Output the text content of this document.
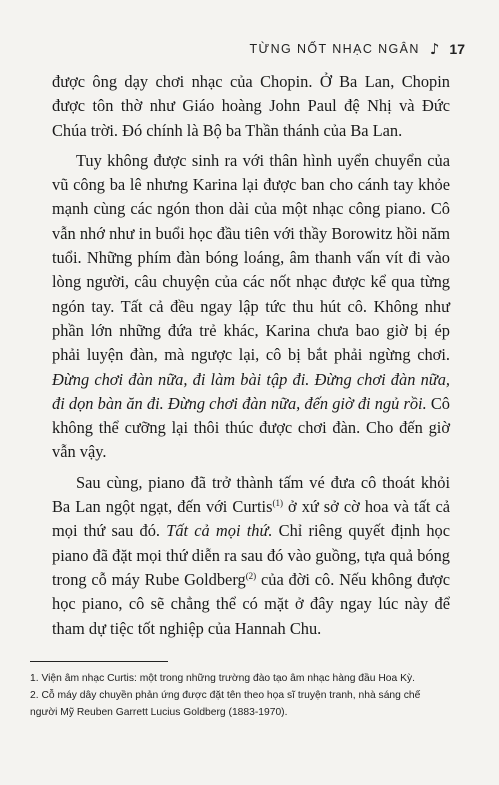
TỪNG NỐT NHẠC NGÂN ♪ 17

được ông dạy chơi nhạc của Chopin. Ở Ba Lan, Chopin được tôn thờ như Giáo hoàng John Paul đệ Nhị và Đức Chúa trời. Đó chính là Bộ ba Thần thánh của Ba Lan.

Tuy không được sinh ra với thân hình uyển chuyển của vũ công ba lê nhưng Karina lại được ban cho cánh tay khỏe mạnh cùng các ngón thon dài của một nhạc công piano. Cô vẫn nhớ như in buổi học đầu tiên với thầy Borowitz hồi năm tuổi. Những phím đàn bóng loáng, âm thanh vấn vít đi vào lòng người, câu chuyện của các nốt nhạc được kể qua từng ngón tay. Tất cả đều ngay lập tức thu hút cô. Không như phần lớn những đứa trẻ khác, Karina chưa bao giờ bị ép phải luyện đàn, mà ngược lại, cô bị bắt phải ngừng chơi. Đừng chơi đàn nữa, đi làm bài tập đi. Đừng chơi đàn nữa, đi dọn bàn ăn đi. Đừng chơi đàn nữa, đến giờ đi ngủ rồi. Cô không thể cưỡng lại thôi thúc được chơi đàn. Cho đến giờ vẫn vậy.

Sau cùng, piano đã trở thành tấm vé đưa cô thoát khỏi Ba Lan ngột ngạt, đến với Curtis$^{(1)}$ ở xứ sở cờ hoa và tất cả mọi thứ sau đó. Tất cả mọi thứ. Chỉ riêng quyết định học piano đã đặt mọi thứ diễn ra sau đó vào guồng, tựa quả bóng trong cỗ máy Rube Goldberg$^{(2)}$ của đời cô. Nếu không được học piano, cô sẽ chẳng thể có mặt ở đây ngay lúc này để tham dự tiệc tốt nghiệp của Hannah Chu.

1. Viện âm nhạc Curtis: một trong những trường đào tạo âm nhạc hàng đầu Hoa Kỳ.
2. Cỗ máy dây chuyền phản ứng được đặt tên theo họa sĩ truyện tranh, nhà sáng chế người Mỹ Reuben Garrett Lucius Goldberg (1883-1970).
